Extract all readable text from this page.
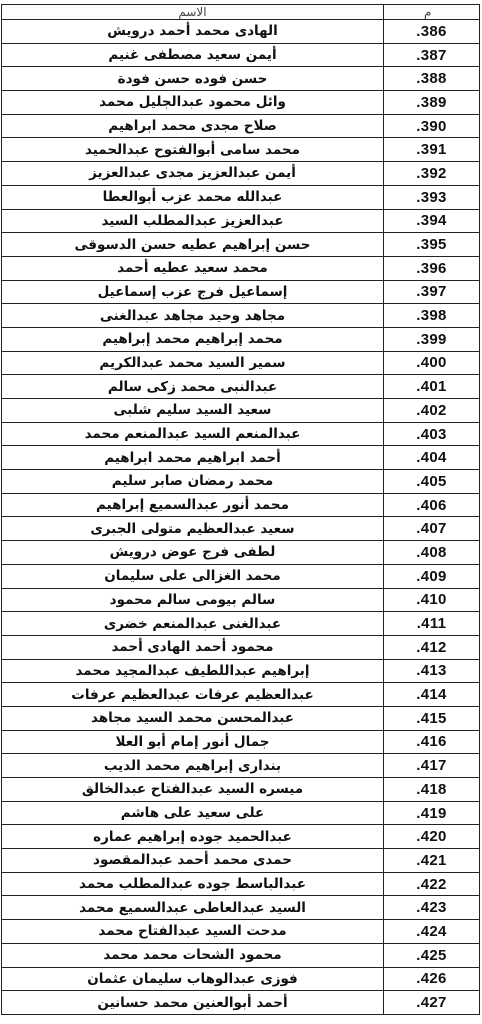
الاسم	م
الهادى محمد أحمد درويش	.386
أيمن سعيد مصطفى غنيم	.387
حسن فوده حسن فودة	.388
وائل محمود عبدالجليل محمد	.389
صلاح مجدى محمد ابراهيم	.390
محمد سامى أبوالفتوح عبدالحميد	.391
أيمن عبدالعزيز مجدى عبدالعزيز	.392
عبدالله محمد عزب أبوالعطا	.393
عبدالعزيز عبدالمطلب السيد	.394
حسن إبراهيم عطيه حسن الدسوقى	.395
محمد سعيد عطيه أحمد	.396
إسماعيل فرج عزب إسماعيل	.397
مجاهد وحيد مجاهد عبدالغنى	.398
محمد إبراهيم محمد إبراهيم	.399
سمير السيد محمد عبدالكريم	.400
عبدالنبى محمد زكى سالم	.401
سعيد السيد سليم شلبى	.402
عبدالمنعم السيد عبدالمنعم محمد	.403
أحمد ابراهيم محمد ابراهيم	.404
محمد رمضان صابر سليم	.405
محمد أنور عبدالسميع إبراهيم	.406
سعيد عبدالعظيم متولى الجبرى	.407
لطفى فرج عوض درويش	.408
محمد الغزالى على سليمان	.409
سالم بيومى سالم محمود	.410
عبدالغنى عبدالمنعم خضرى	.411
محمود أحمد الهادى أحمد	.412
إبراهيم عبداللطيف عبدالمجيد محمد	.413
عبدالعظيم عرفات عبدالعظيم عرفات	.414
عبدالمحسن محمد السيد مجاهد	.415
جمال أنور إمام أبو العلا	.416
بندارى إبراهيم محمد الديب	.417
ميسره السيد عبدالفتاح عبدالخالق	.418
على سعيد على هاشم	.419
عبدالحميد جوده إبراهيم عماره	.420
حمدى محمد أحمد عبدالمقصود	.421
عبدالباسط جوده عبدالمطلب محمد	.422
السيد عبدالعاطى عبدالسميع محمد	.423
مدحت السيد عبدالفتاح محمد	.424
محمود الشحات محمد محمد	.425
فوزى عبدالوهاب سليمان عثمان	.426
أحمد أبوالعنين محمد حسانين	.427
